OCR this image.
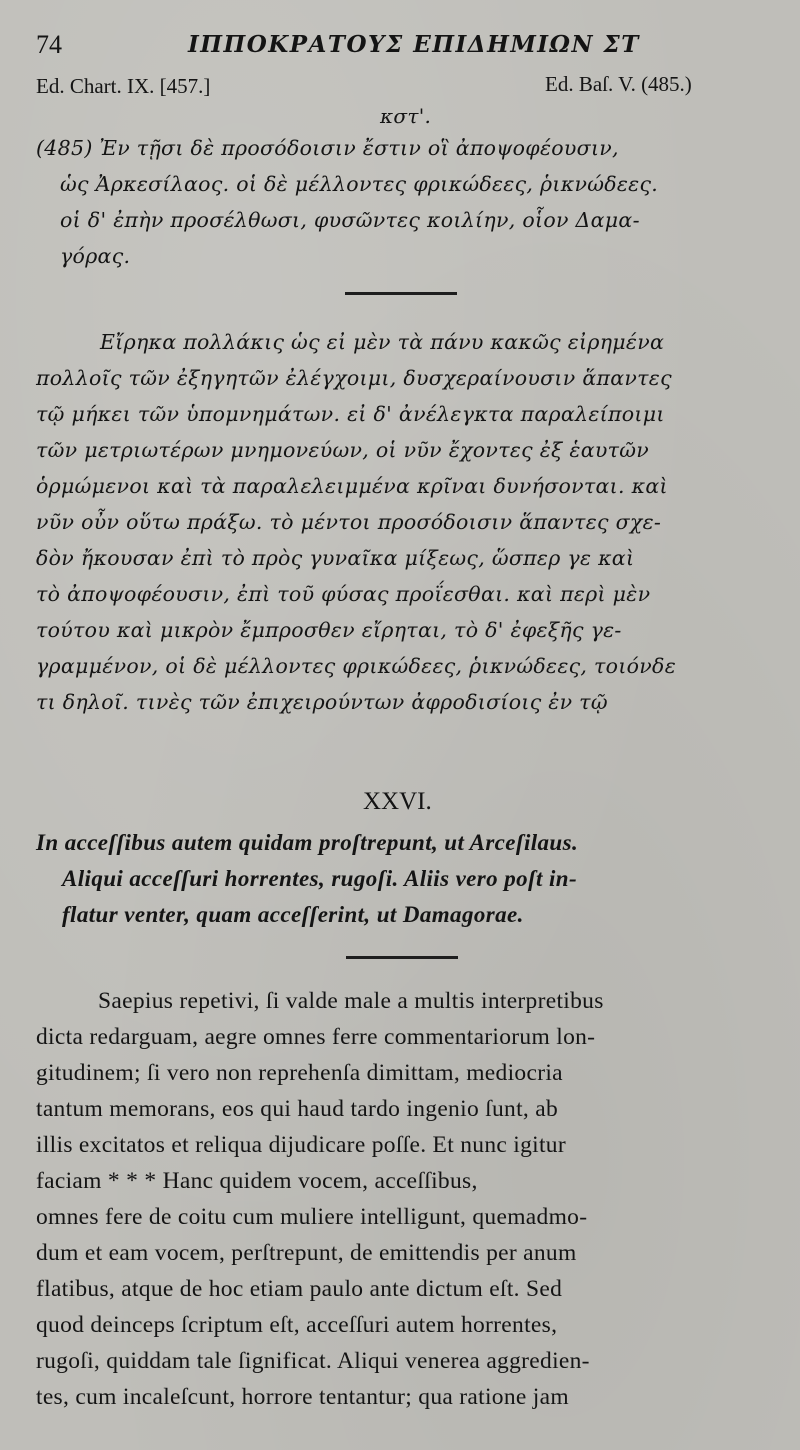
74	ΙΠΠΟΚΡΑΤΟΥΣ ΕΠΙΔΗΜΙΩΝ ΣΤ
Ed. Chart. IX. [457.]	Ed. Baſ. V. (485.)
κστ'.
(485) Ἐν τῇσι δὲ προσόδοισιν ἔστιν οἳ ἀποψοφέουσιν,
ὡς Ἀρκεσίλαος. οἱ δὲ μέλλοντες φρικώδεες, ῥικνώδεες.
οἱ δ' ἐπὴν προσέλθωσι, φυσῶντες κοιλίην, οἷον Δαμα-
γόρας.
Εἴρηκα πολλάκις ὡς εἰ μὲν τὰ πάνυ κακῶς εἰρημένα
πολλοῖς τῶν ἐξηγητῶν ἐλέγχοιμι, δυσχεραίνουσιν ἅπαντες
τῷ μήκει τῶν ὑπομνημάτων. εἰ δ' ἀνέλεγκτα παραλείποιμι
τῶν μετριωτέρων μνημονεύων, οἱ νῦν ἔχοντες ἐξ ἑαυτῶν
ὁρμώμενοι καὶ τὰ παραλελειμμένα κρῖναι δυνήσονται. καὶ
νῦν οὖν οὕτω πράξω. τὸ μέντοι προσόδοισιν ἅπαντες σχε-
δὸν ἤκουσαν ἐπὶ τὸ πρὸς γυναῖκα μίξεως, ὥσπερ γε καὶ
τὸ ἀποψοφέουσιν, ἐπὶ τοῦ φύσας προΐεσθαι. καὶ περὶ μὲν
τούτου καὶ μικρὸν ἔμπροσθεν εἴρηται, τὸ δ' ἐφεξῆς γε-
γραμμένον, οἱ δὲ μέλλοντες φρικώδεες, ῥικνώδεες, τοιόνδε
τι δηλοῖ. τινὲς τῶν ἐπιχειρούντων ἀφροδισίοις ἐν τῷ
XXVI.
In acceſſibus autem quidam proſtrepunt, ut Arceſilaus.
Aliqui acceſſuri horrentes, rugoſi. Aliis vero poſt in-
flatur venter, quam acceſſerint, ut Damagorae.
Saepius repetivi, ſi valde male a multis interpretibus
dicta redarguam, aegre omnes ferre commentariorum lon-
gitudinem; ſi vero non reprehenſa dimittam, mediocria
tantum memorans, eos qui haud tardo ingenio ſunt, ab
illis excitatos et reliqua dijudicare poſſe. Et nunc igitur
faciam * * * Hanc quidem vocem, acceſſibus,
omnes fere de coitu cum muliere intelligunt, quemadmo-
dum et eam vocem, perſtrepunt, de emittendis per anum
flatibus, atque de hoc etiam paulo ante dictum eſt. Sed
quod deinceps ſcriptum eſt, acceſſuri autem horrentes,
rugoſi, quiddam tale ſignificat. Aliqui venerea aggredien-
tes, cum incaleſcunt, horrore tentantur; qua ratione jam
